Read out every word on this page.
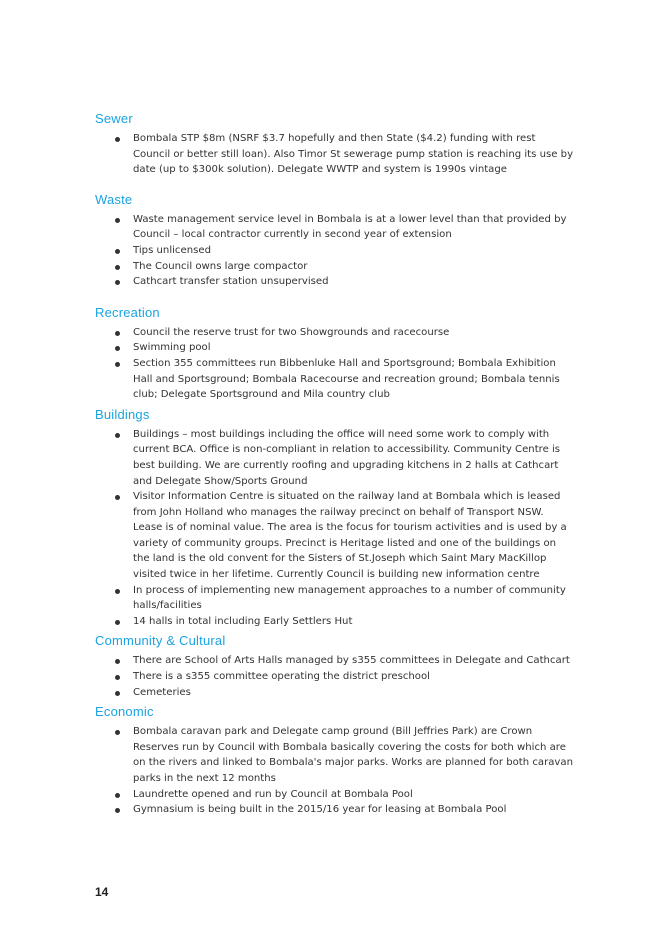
Sewer
Bombala STP $8m (NSRF $3.7 hopefully and then State ($4.2) funding with rest Council or better still loan). Also Timor St sewerage pump station is reaching its use by date (up to $300k solution). Delegate WWTP and system is 1990s vintage
Waste
Waste management service level in Bombala is at a lower level than that provided by Council – local contractor currently in second year of extension
Tips unlicensed
The Council owns large compactor
Cathcart transfer station unsupervised
Recreation
Council the reserve trust for two Showgrounds and racecourse
Swimming pool
Section 355 committees run Bibbenluke Hall and Sportsground; Bombala Exhibition Hall and Sportsground; Bombala Racecourse and recreation ground; Bombala tennis club; Delegate Sportsground and Mila country club
Buildings
Buildings – most buildings including the office will need some work to comply with current BCA. Office is non-compliant in relation to accessibility. Community Centre is best building. We are currently roofing and upgrading kitchens in 2 halls at Cathcart and Delegate Show/Sports Ground
Visitor Information Centre is situated on the railway land at Bombala which is leased from John Holland who manages the railway precinct on behalf of Transport NSW. Lease is of nominal value. The area is the focus for tourism activities and is used by a variety of community groups. Precinct is Heritage listed and one of the buildings on the land is the old convent for the Sisters of St.Joseph which Saint Mary MacKillop visited twice in her lifetime. Currently Council is building new information centre
In process of implementing new management approaches to a number of community halls/facilities
14 halls in total including Early Settlers Hut
Community & Cultural
There are School of Arts Halls managed by s355 committees in Delegate and Cathcart
There is a s355 committee operating the district preschool
Cemeteries
Economic
Bombala caravan park and Delegate camp ground (Bill Jeffries Park) are Crown Reserves run by Council with Bombala basically covering the costs for both which are on the rivers and linked to Bombala's major parks. Works are planned for both caravan parks in the next 12 months
Laundrette opened and run by Council at Bombala Pool
Gymnasium is being built in the 2015/16 year for leasing at Bombala Pool
14
